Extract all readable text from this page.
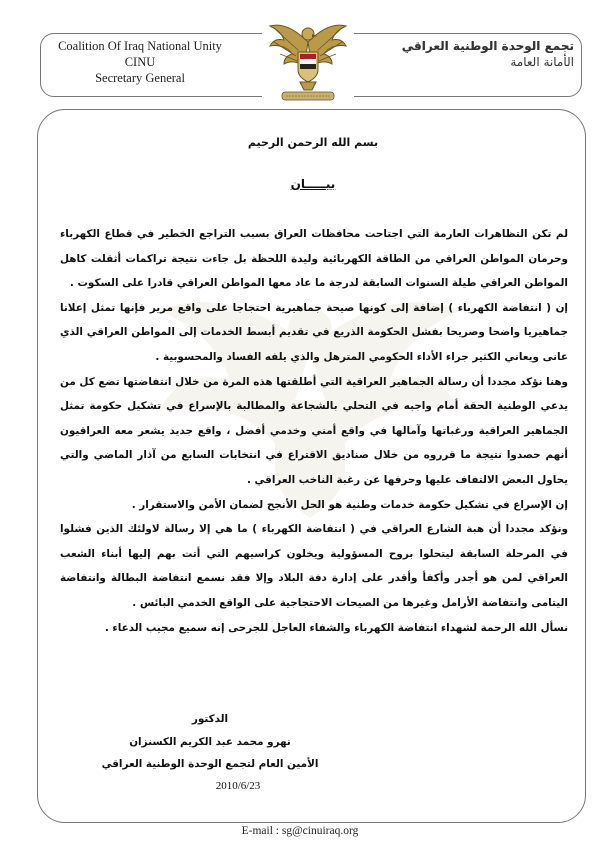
Coalition Of Iraq National Unity
CINU
Secretary General
تجمع الوحدة الوطنية العراقي
الأمانة العامة
بسم الله الرحمن الرحيم
بيـــــان

لم تكن التظاهرات العارمة التي اجتاحت محافظات العراق بسبب التراجع الخطير في قطاع الكهرباء وحرمان المواطن العراقي من الطاقة الكهربائية وليدة اللحظة بل جاءت نتيجة تراكمات أثقلت كاهل المواطن العراقي طيلة السنوات السابقة لدرجة ما عاد معها المواطن العراقي قادرا على السكوت .

إن ( انتفاضة الكهرباء ) إضافة إلى كونها صيحة جماهيرية احتجاجا على واقع مرير فإنها تمثل إعلانا جماهيريا واضحا وصريحا بفشل الحكومة الذريع في تقديم أبسط الخدمات إلى المواطن العراقي الذي عانى ويعاني الكثير جراء الأداء الحكومي المترهل والذي يلفه الفساد والمحسوبية .

وهنا نؤكد مجددا أن رسالة الجماهير العراقية التي أطلقتها هذه المرة من خلال انتفاضتها تضع كل من يدعي الوطنية الحقة أمام واجبه في التحلي بالشجاعة والمطالبة بالإسراع في تشكيل حكومة تمثل الجماهير العراقية ورغباتها وآمالها في واقع أمني وخدمي أفضل ، واقع جديد يشعر معه العراقيون أنهم حصدوا نتيجة ما قرروه من خلال صناديق الاقتراع في انتخابات السابع من آذار الماضي والتي يحاول البعض الالتفاف عليها وحرفها عن رغبة الناخب العراقي .

إن الإسراع في تشكيل حكومة خدمات وطنية هو الحل الأنجح لضمان الأمن والاستقرار .

ونؤكد مجددا أن هبة الشارع العراقي في ( انتفاضة الكهرباء ) ما هي إلا رسالة لاولئك الذين فشلوا في المرحلة السابقة ليتحلوا بروح المسؤولية ويخلون كراسيهم التي أتت بهم إليها أبناء الشعب العراقي لمن هو أجدر وأكفأ وأقدر على إدارة دفة البلاد وإلا فقد نسمع انتفاضة البطالة وانتفاضة اليتامى وانتفاضة الأرامل وغيرها من الصيحات الاحتجاجية على الواقع الخدمي البائس .

نسأل الله الرحمة لشهداء انتفاضة الكهرباء والشفاء العاجل للجرحى إنه سميع مجيب الدعاء .

الدكتور
نهرو محمد عبد الكريم الكسنزان
الأمين العام لتجمع الوحدة الوطنية العراقي
2010/6/23
E-mail : sg@cinuiraq.org
